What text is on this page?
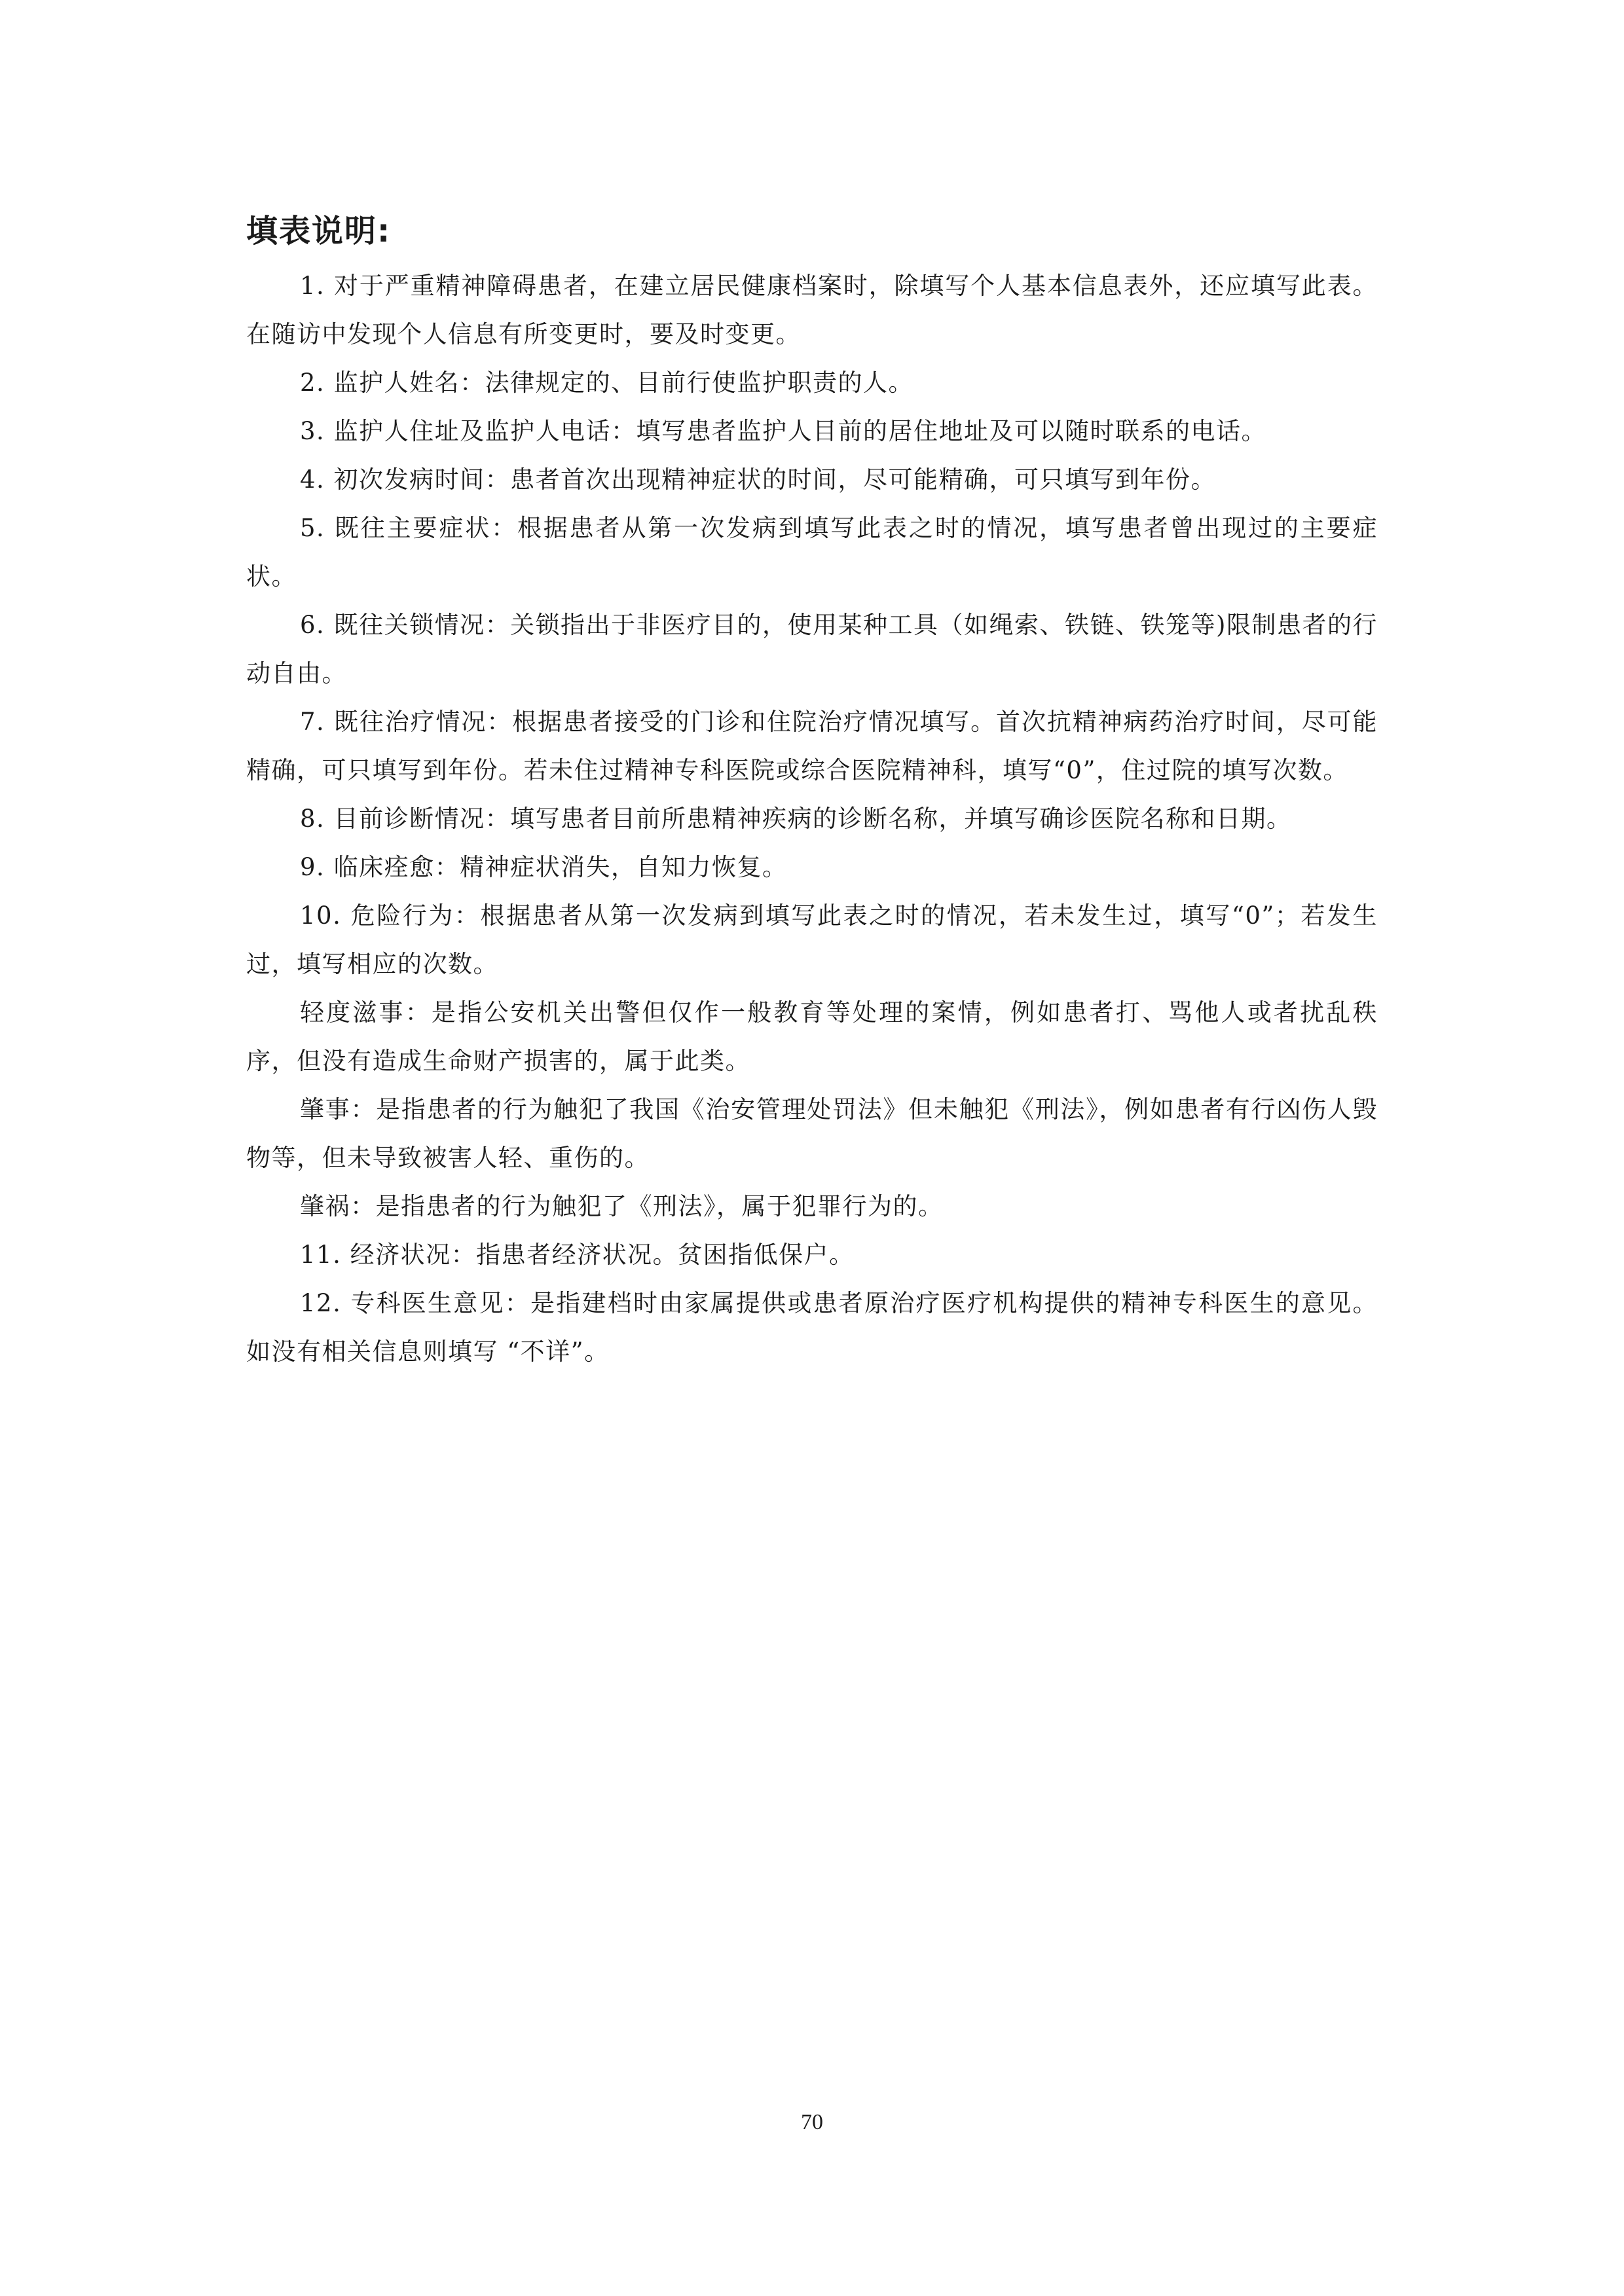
填表说明:

1. 对于严重精神障碍患者，在建立居民健康档案时，除填写个人基本信息表外，还应填写此表。在随访中发现个人信息有所变更时，要及时变更。

2. 监护人姓名：法律规定的、目前行使监护职责的人。

3. 监护人住址及监护人电话：填写患者监护人目前的居住地址及可以随时联系的电话。

4. 初次发病时间：患者首次出现精神症状的时间，尽可能精确，可只填写到年份。

5. 既往主要症状：根据患者从第一次发病到填写此表之时的情况，填写患者曾出现过的主要症状。

6. 既往关锁情况：关锁指出于非医疗目的，使用某种工具（如绳索、铁链、铁笼等)限制患者的行动自由。

7. 既往治疗情况：根据患者接受的门诊和住院治疗情况填写。首次抗精神病药治疗时间，尽可能精确，可只填写到年份。若未住过精神专科医院或综合医院精神科，填写“0”，住过院的填写次数。

8. 目前诊断情况：填写患者目前所患精神疾病的诊断名称，并填写确诊医院名称和日期。

9. 临床痊愈：精神症状消失，自知力恢复。

10. 危险行为：根据患者从第一次发病到填写此表之时的情况，若未发生过，填写“0”；若发生过，填写相应的次数。

轻度滋事：是指公安机关出警但仅作一般教育等处理的案情，例如患者打、骂他人或者扰乱秩序，但没有造成生命财产损害的，属于此类。

肇事：是指患者的行为触犯了我国《治安管理处罚法》但未触犯《刑法》，例如患者有行凶伤人毁物等，但未导致被害人轻、重伤的。

肇祸：是指患者的行为触犯了《刑法》，属于犯罪行为的。

11. 经济状况：指患者经济状况。贫困指低保户。

12. 专科医生意见：是指建档时由家属提供或患者原治疗医疗机构提供的精神专科医生的意见。如没有相关信息则填写 “不详”。

70
